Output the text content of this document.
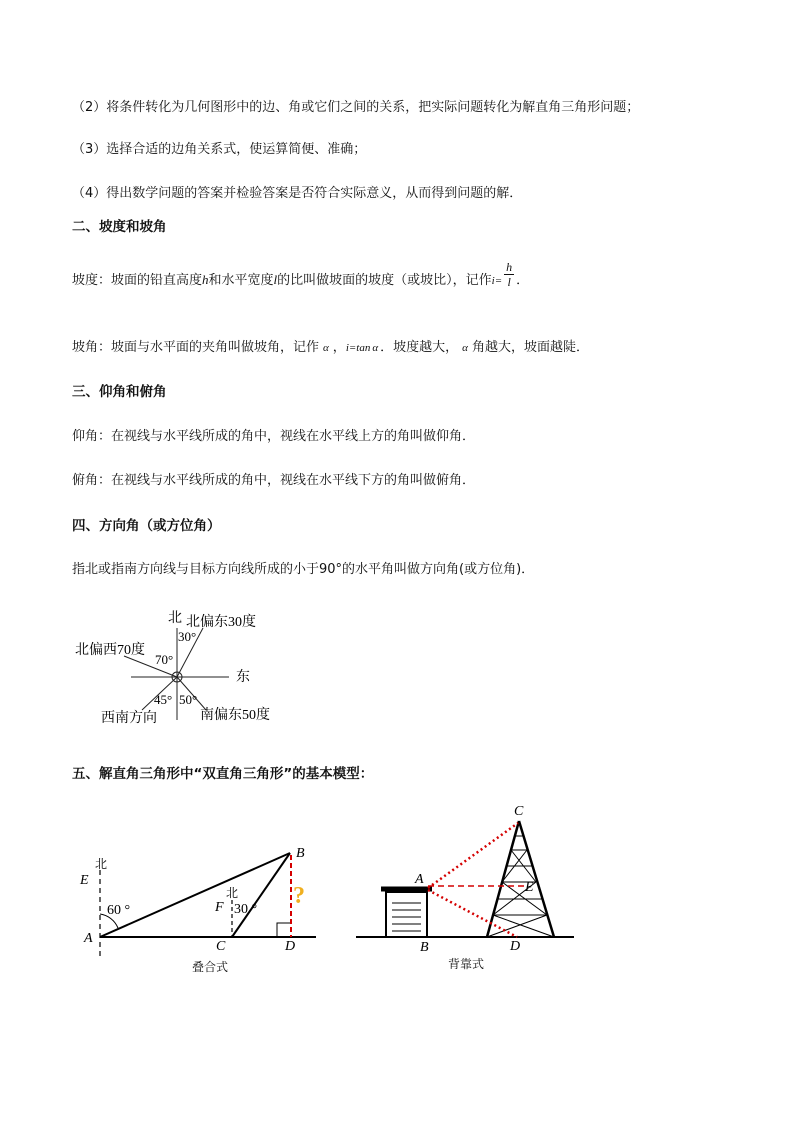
（2）将条件转化为几何图形中的边、角或它们之间的关系，把实际问题转化为解直角三角形问题；
（3）选择合适的边角关系式，使运算简便、准确；
（4）得出数学问题的答案并检验答案是否符合实际意义，从而得到问题的解．
二、坡度和坡角
坡度：坡面的铅直高度h和水平宽度l的比叫做坡面的坡度（或坡比），记作$i= \frac{h}{l}$ ．
坡角：坡面与水平面的夹角叫做坡角，记作 α ，i=tan α ．坡度越大， α 角越大，坡面越陡．
三、仰角和俯角
仰角：在视线与水平线所成的角中，视线在水平线上方的角叫做仰角．
俯角：在视线与水平线所成的角中，视线在水平线下方的角叫做俯角．
四、方向角（或方位角）
指北或指南方向线与目标方向线所成的小于90°的水平角叫做方向角(或方位角)．
北 北偏东30度
30°
北偏西70度
70°
东
45° 50°
西南方向	南偏东50度
五、解直角三角形中“双直角三角形”的基本模型：
北
E
60 °
A
B
北
F 30 °
C	D
?
叠合式
C
A
E
B	D
背靠式
